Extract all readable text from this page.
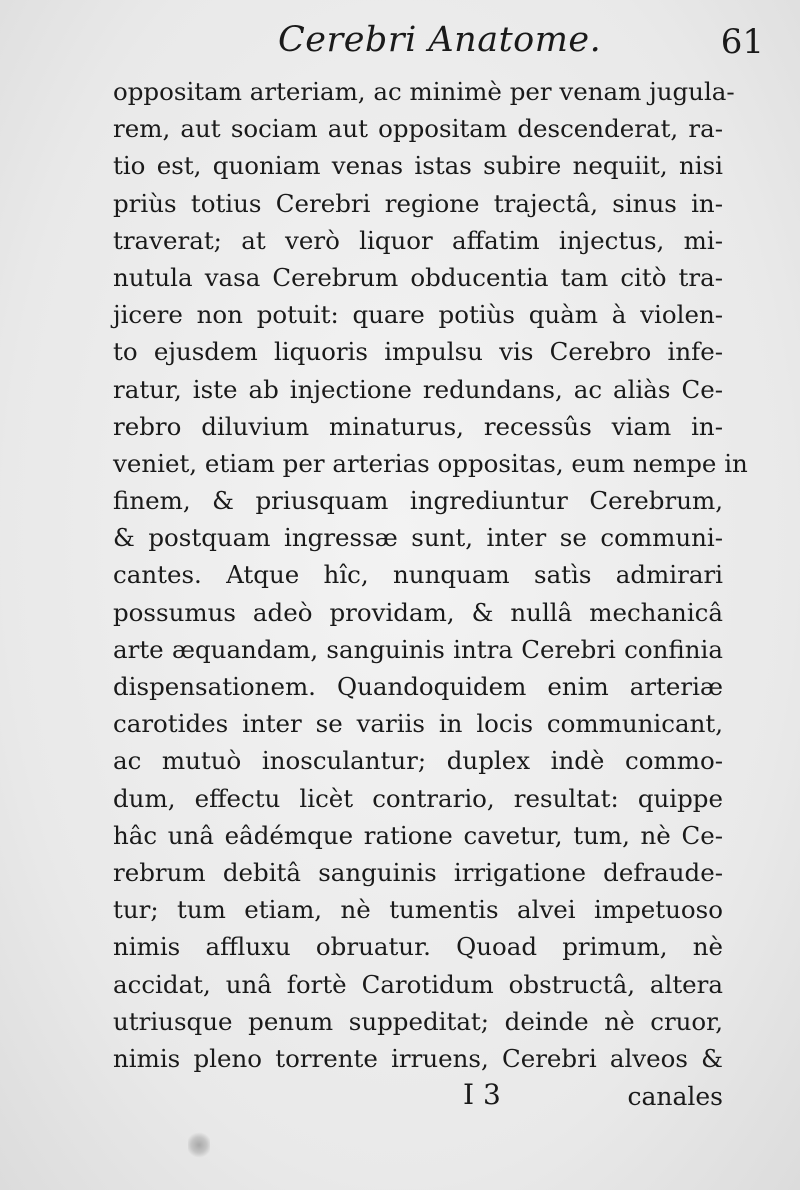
Cerebri Anatome.	61
oppositam arteriam, ac minimè per venam jugula-
rem, aut sociam aut oppositam descenderat, ra-
tio est, quoniam venas istas subire nequiit, nisi
priùs totius Cerebri regione trajectâ, sinus in-
traverat; at verò liquor affatim injectus, mi-
nutula vasa Cerebrum obducentia tam citò tra-
jicere non potuit: quare potiùs quàm à violen-
to ejusdem liquoris impulsu vis Cerebro infe-
ratur, iste ab injectione redundans, ac aliàs Ce-
rebro diluvium minaturus, recessûs viam in-
veniet, etiam per arterias oppositas, eum nempe in
finem, & priusquam ingrediuntur Cerebrum,
& postquam ingressæ sunt, inter se communi-
cantes. Atque hîc, nunquam satìs admirari
possumus adeò providam, & nullâ mechanicâ
arte æquandam, sanguinis intra Cerebri confinia
dispensationem. Quandoquidem enim arteriæ
carotides inter se variis in locis communicant,
ac mutuò inosculantur; duplex indè commo-
dum, effectu licèt contrario, resultat: quippe
hâc unâ eâdémque ratione cavetur, tum, nè Ce-
rebrum debitâ sanguinis irrigatione defraude-
tur; tum etiam, nè tumentis alvei impetuoso
nimis affluxu obruatur. Quoad primum, nè
accidat, unâ fortè Carotidum obstructâ, altera
utriusque penum suppeditat; deinde nè cruor,
nimis pleno torrente irruens, Cerebri alveos &
I 3	canales
